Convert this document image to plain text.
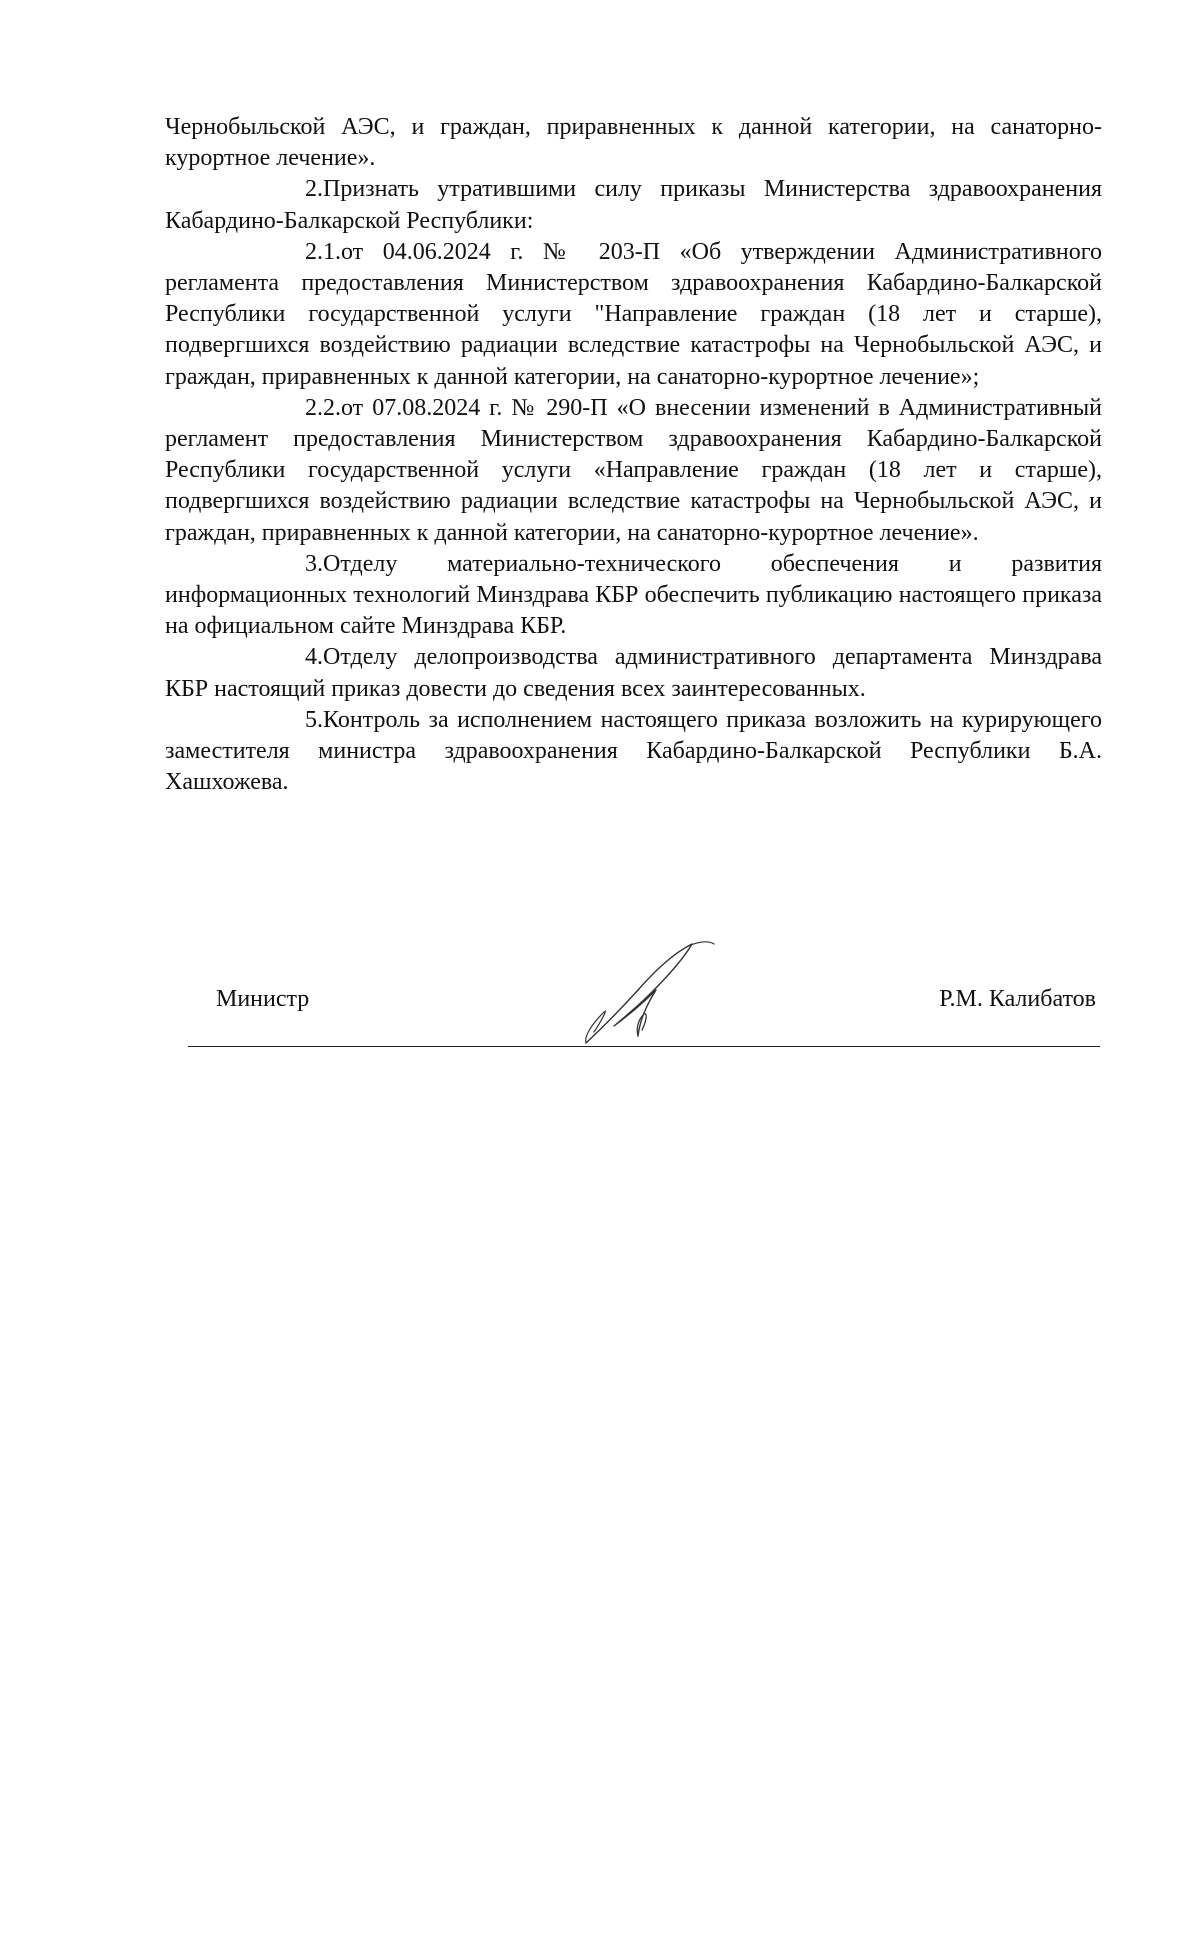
Чернобыльской АЭС, и граждан, приравненных к данной категории, на санаторно-курортное лечение».

2.Признать утратившими силу приказы Министерства здравоохранения Кабардино-Балкарской Республики:

2.1.от 04.06.2024 г. № 203-П «Об утверждении Административного регламента предоставления Министерством здравоохранения Кабардино-Балкарской Республики государственной услуги "Направление граждан (18 лет и старше), подвергшихся воздействию радиации вследствие катастрофы на Чернобыльской АЭС, и граждан, приравненных к данной категории, на санаторно-курортное лечение»;

2.2.от 07.08.2024 г. № 290-П «О внесении изменений в Административный регламент предоставления Министерством здравоохранения Кабардино-Балкарской Республики государственной услуги «Направление граждан (18 лет и старше), подвергшихся воздействию радиации вследствие катастрофы на Чернобыльской АЭС, и граждан, приравненных к данной категории, на санаторно-курортное лечение».

3.Отделу материально-технического обеспечения и развития информационных технологий Минздрава КБР обеспечить публикацию настоящего приказа на официальном сайте Минздрава КБР.

4.Отделу делопроизводства административного департамента Минздрава КБР настоящий приказ довести до сведения всех заинтересованных.

5.Контроль за исполнением настоящего приказа возложить на курирующего заместителя министра здравоохранения Кабардино-Балкарской Республики Б.А. Хашхожева.

Министр	Р.М. Калибатов
